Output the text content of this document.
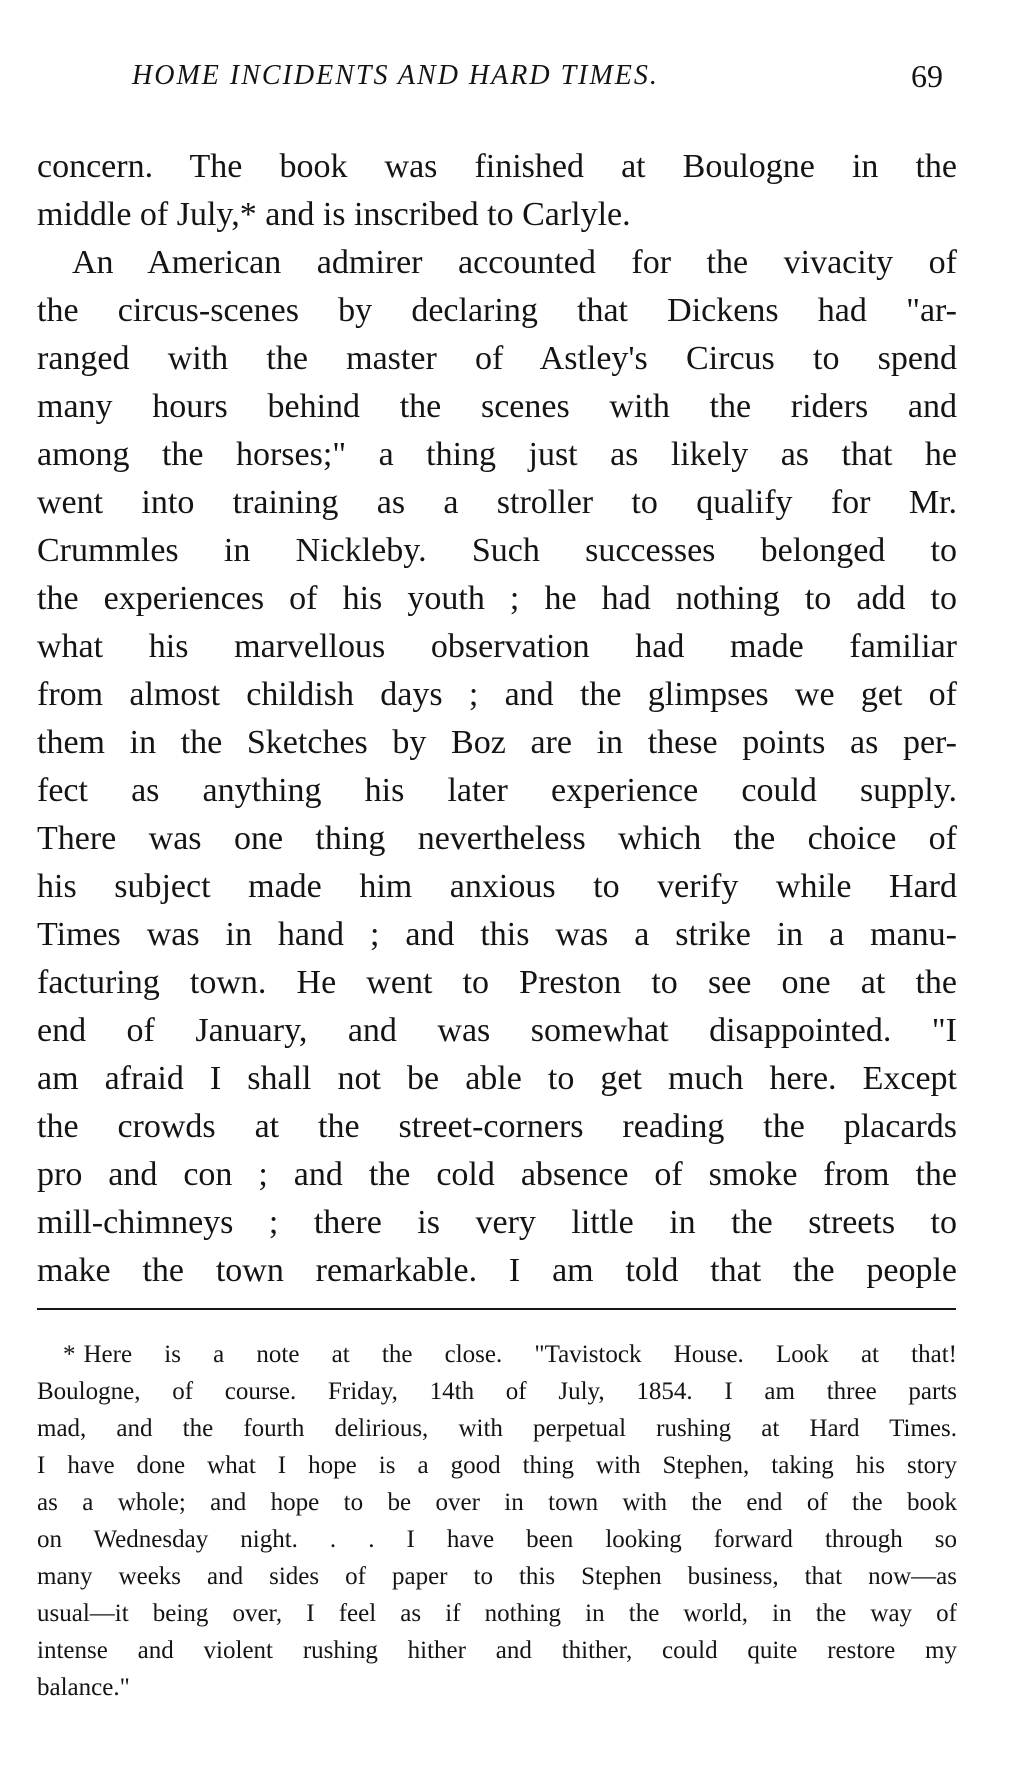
HOME INCIDENTS AND HARD TIMES.	69
concern. The book was finished at Boulogne in the
middle of July,* and is inscribed to Carlyle.
An American admirer accounted for the vivacity of
the circus-scenes by declaring that Dickens had "ar-
ranged with the master of Astley's Circus to spend
many hours behind the scenes with the riders and
among the horses;" a thing just as likely as that he
went into training as a stroller to qualify for Mr.
Crummles in Nickleby. Such successes belonged to
the experiences of his youth ; he had nothing to add to
what his marvellous observation had made familiar
from almost childish days ; and the glimpses we get of
them in the Sketches by Boz are in these points as per-
fect as anything his later experience could supply.
There was one thing nevertheless which the choice of
his subject made him anxious to verify while Hard
Times was in hand ; and this was a strike in a manu-
facturing town. He went to Preston to see one at the
end of January, and was somewhat disappointed. "I
am afraid I shall not be able to get much here. Except
the crowds at the street-corners reading the placards
pro and con ; and the cold absence of smoke from the
mill-chimneys ; there is very little in the streets to
make the town remarkable. I am told that the people
* Here is a note at the close. "Tavistock House. Look at that!
Boulogne, of course. Friday, 14th of July, 1854. I am three parts
mad, and the fourth delirious, with perpetual rushing at Hard Times.
I have done what I hope is a good thing with Stephen, taking his story
as a whole; and hope to be over in town with the end of the book
on Wednesday night. . . I have been looking forward through so
many weeks and sides of paper to this Stephen business, that now—as
usual—it being over, I feel as if nothing in the world, in the way of
intense and violent rushing hither and thither, could quite restore my
balance."
